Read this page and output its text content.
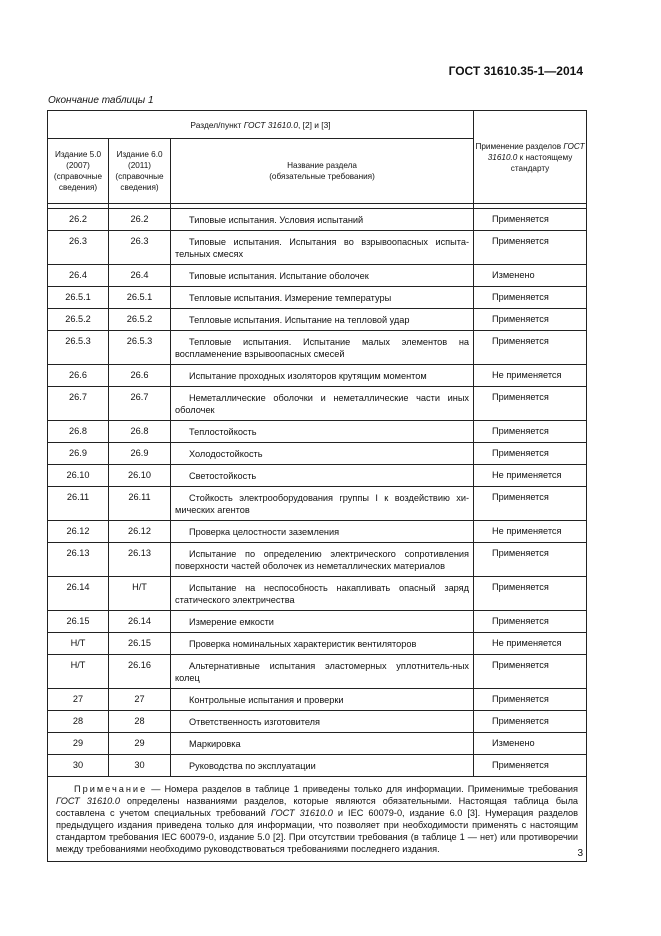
ГОСТ 31610.35-1—2014
Окончание таблицы 1
Раздел/пункт ГОСТ 31610.0, [2] и [3]			Применение разделов ГОСТ 31610.0 к настоящему стандарту
Издание 5.0 (2007) (справочные сведения)	Издание 6.0 (2011) (справочные сведения)	Название раздела
(обязательные требования)	

26.2	26.2	Типовые испытания. Условия испытаний	Применяется
26.3	26.3	Типовые испытания. Испытания во взрывоопасных испыта-тельных смесях	Применяется
26.4	26.4	Типовые испытания. Испытание оболочек	Изменено
26.5.1	26.5.1	Тепловые испытания. Измерение температуры	Применяется
26.5.2	26.5.2	Тепловые испытания. Испытание на тепловой удар	Применяется
26.5.3	26.5.3	Тепловые испытания. Испытание малых элементов на воспламенение взрывоопасных смесей	Применяется
26.6	26.6	Испытание проходных изоляторов крутящим моментом	Не применяется
26.7	26.7	Неметаллические оболочки и неметаллические части иных оболочек	Применяется
26.8	26.8	Теплостойкость	Применяется
26.9	26.9	Холодостойкость	Применяется
26.10	26.10	Светостойкость	Не применяется
26.11	26.11	Стойкость электрооборудования группы I к воздействию хи-мических агентов	Применяется
26.12	26.12	Проверка целостности заземления	Не применяется
26.13	26.13	Испытание по определению электрического сопротивления поверхности частей оболочек из неметаллических материалов	Применяется
26.14	Н/Т	Испытание на неспособность накапливать опасный заряд статического электричества	Применяется
26.15	26.14	Измерение емкости	Применяется
Н/Т	26.15	Проверка номинальных характеристик вентиляторов	Не применяется
Н/Т	26.16	Альтернативные испытания эластомерных уплотнитель-ных колец	Применяется
27	27	Контрольные испытания и проверки	Применяется
28	28	Ответственность изготовителя	Применяется
29	29	Маркировка	Изменено
30	30	Руководства по эксплуатации	Применяется
Примечание — Номера разделов в таблице 1 приведены только для информации. Применимые требования ГОСТ 31610.0 определены названиями разделов, которые являются обязательными. Настоящая таблица была составлена с учетом специальных требований ГОСТ 31610.0 и IEC 60079-0, издание 6.0 [3]. Нумерация разделов предыдущего издания приведена только для информации, что позволяет при необходимости применять с настоящим стандартом требования IEC 60079-0, издание 5.0 [2]. При отсутствии требования (в таблице 1 — нет) или противоречии между требованиями необходимо руководствоваться требованиями последнего издания.				3
